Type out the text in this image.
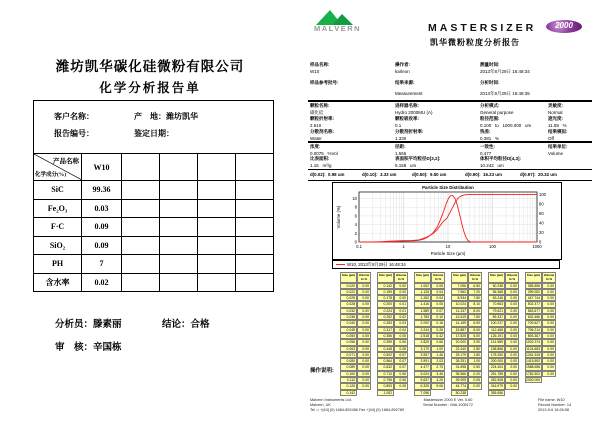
潍坊凯华碳化硅微粉有限公司
化学分析报告单
客户名称： 产    地：潍坊凯华
报告编号： 鉴定日期：					

产品名称
化学成分(%)	W10				
SiC	99.36				
Fe₂O₃	0.03				
F·C	0.09				
SiO₂	0.09				
PH	7				
含水率	0.02				
分析员：滕素丽	结论：合格
审    核：辛国栋
MALVERN	MASTERSIZER	2000
凯华微粉粒度分析报告
样品名称:
W10
操作者:
karleon
测量时间:
2013年8月29日 16:48:34
样品参考批号:	结果来源:
Measurement
分析时间:
2013年8月29日 16:48:35
颗粒名称:
碳化硅
进样器名称:
Hydro 2000MU (A)
分析模式:
General purpose
灵敏度:
Normal
颗粒折射率:
2.610
颗粒吸收率:
0.1
粒径范围:
0.100   to   1000.000   um
遮光度:
11.59   %
分散剂名称:
Water
分散剂折射率:
1.330
残差:
0.381   %
结果模拟:
Off
浓度:
0.0075   %Vol
径距:
1.566
一致性:
0.477
结果单位:
Volume
比表面积:
1.16   m²/g
表面积平均粒径D[3,2]:
5.158   um
体积平均粒径D[4,3]:
10.242   um
d(0.02):  0.98 um	d(0.10):  3.33 um	d(0.50):  9.50 um	d(0.90):  16.23 um	d(0.97):  20.32 um
0.1	1	10	100	1000
0
2
4
6
8
10
0
20
40
60
80
100
Particle Size Distribution
Particle Size (µm)
Volume (%)
W10, 2013年8月29日 16:48:34
Size (µm)	Volume In %
0.020	0.00
0.022	0.00
0.025	0.00
0.028	0.00
0.032	0.00
0.036	0.00
0.040	0.00
0.045	0.00
0.050	0.00
0.056	0.00
0.063	0.00
0.071	0.00
0.080	0.00
0.089	0.00
0.100	0.00
0.112	0.00
0.126	0.00
0.142
Size (µm)	Volume In %
0.142	0.00
0.159	0.00
0.178	0.00
0.200	0.01
0.224	0.01
0.252	0.02
0.283	0.03
0.317	0.04
0.356	0.05
0.399	0.06
0.448	0.06
0.502	0.07
0.564	0.07
0.632	0.07
0.710	0.06
0.796	0.06
0.893	0.05
1.002
Size (µm)	Volume In %
1.002	0.05
1.125	0.04
1.262	0.04
1.416	0.05
1.589	0.07
1.783	0.10
2.000	0.16
2.244	0.26
2.518	0.42
2.825	0.66
3.170	1.00
3.557	1.46
3.991	2.03
4.477	2.70
5.024	3.46
5.637	4.26
6.325	5.06
7.096
Size (µm)	Volume In %
7.096	6.50
7.962	7.20
8.934	7.80
10.024	8.10
11.247	8.00
12.619	7.60
14.159	6.90
15.887	6.00
17.825	5.00
20.000	3.90
22.440	2.80
25.179	1.80
28.251	1.00
31.698	0.50
35.566	0.20
39.905	0.05
44.774	0.00
50.238
Size (µm)	Volume In %
50.238	0.00
56.368	0.00
63.246	0.00
70.963	0.00
79.621	0.00
89.337	0.00
100.237	0.00
112.468	0.00
126.191	0.00
141.589	0.00
158.866	0.00
178.250	0.00
200.000	0.00
224.404	0.00
251.785	0.00
282.508	0.00
316.979	0.00
355.656
Size (µm)	Volume In %
355.656	0.00
399.052	0.00
447.744	0.00
502.377	0.00
563.677	0.00
632.456	0.00
709.627	0.00
796.214	0.00
893.367	0.00
1002.374	0.00
1124.683	0.00
1261.915	0.00
1415.892	0.00
1588.656	0.00
1782.502	0.00
2000.000
操作说明:
Malvern Instruments Ltd.
Malvern, UK
Tel := +[44] (0) 1684-892456 Fax +[44] (0) 1684-892789
Mastersizer 2000 E Ver. 5.60
Serial Number : MAL1005172
File name: W10
Record Number: 14
2013-9-6 16:26:58
